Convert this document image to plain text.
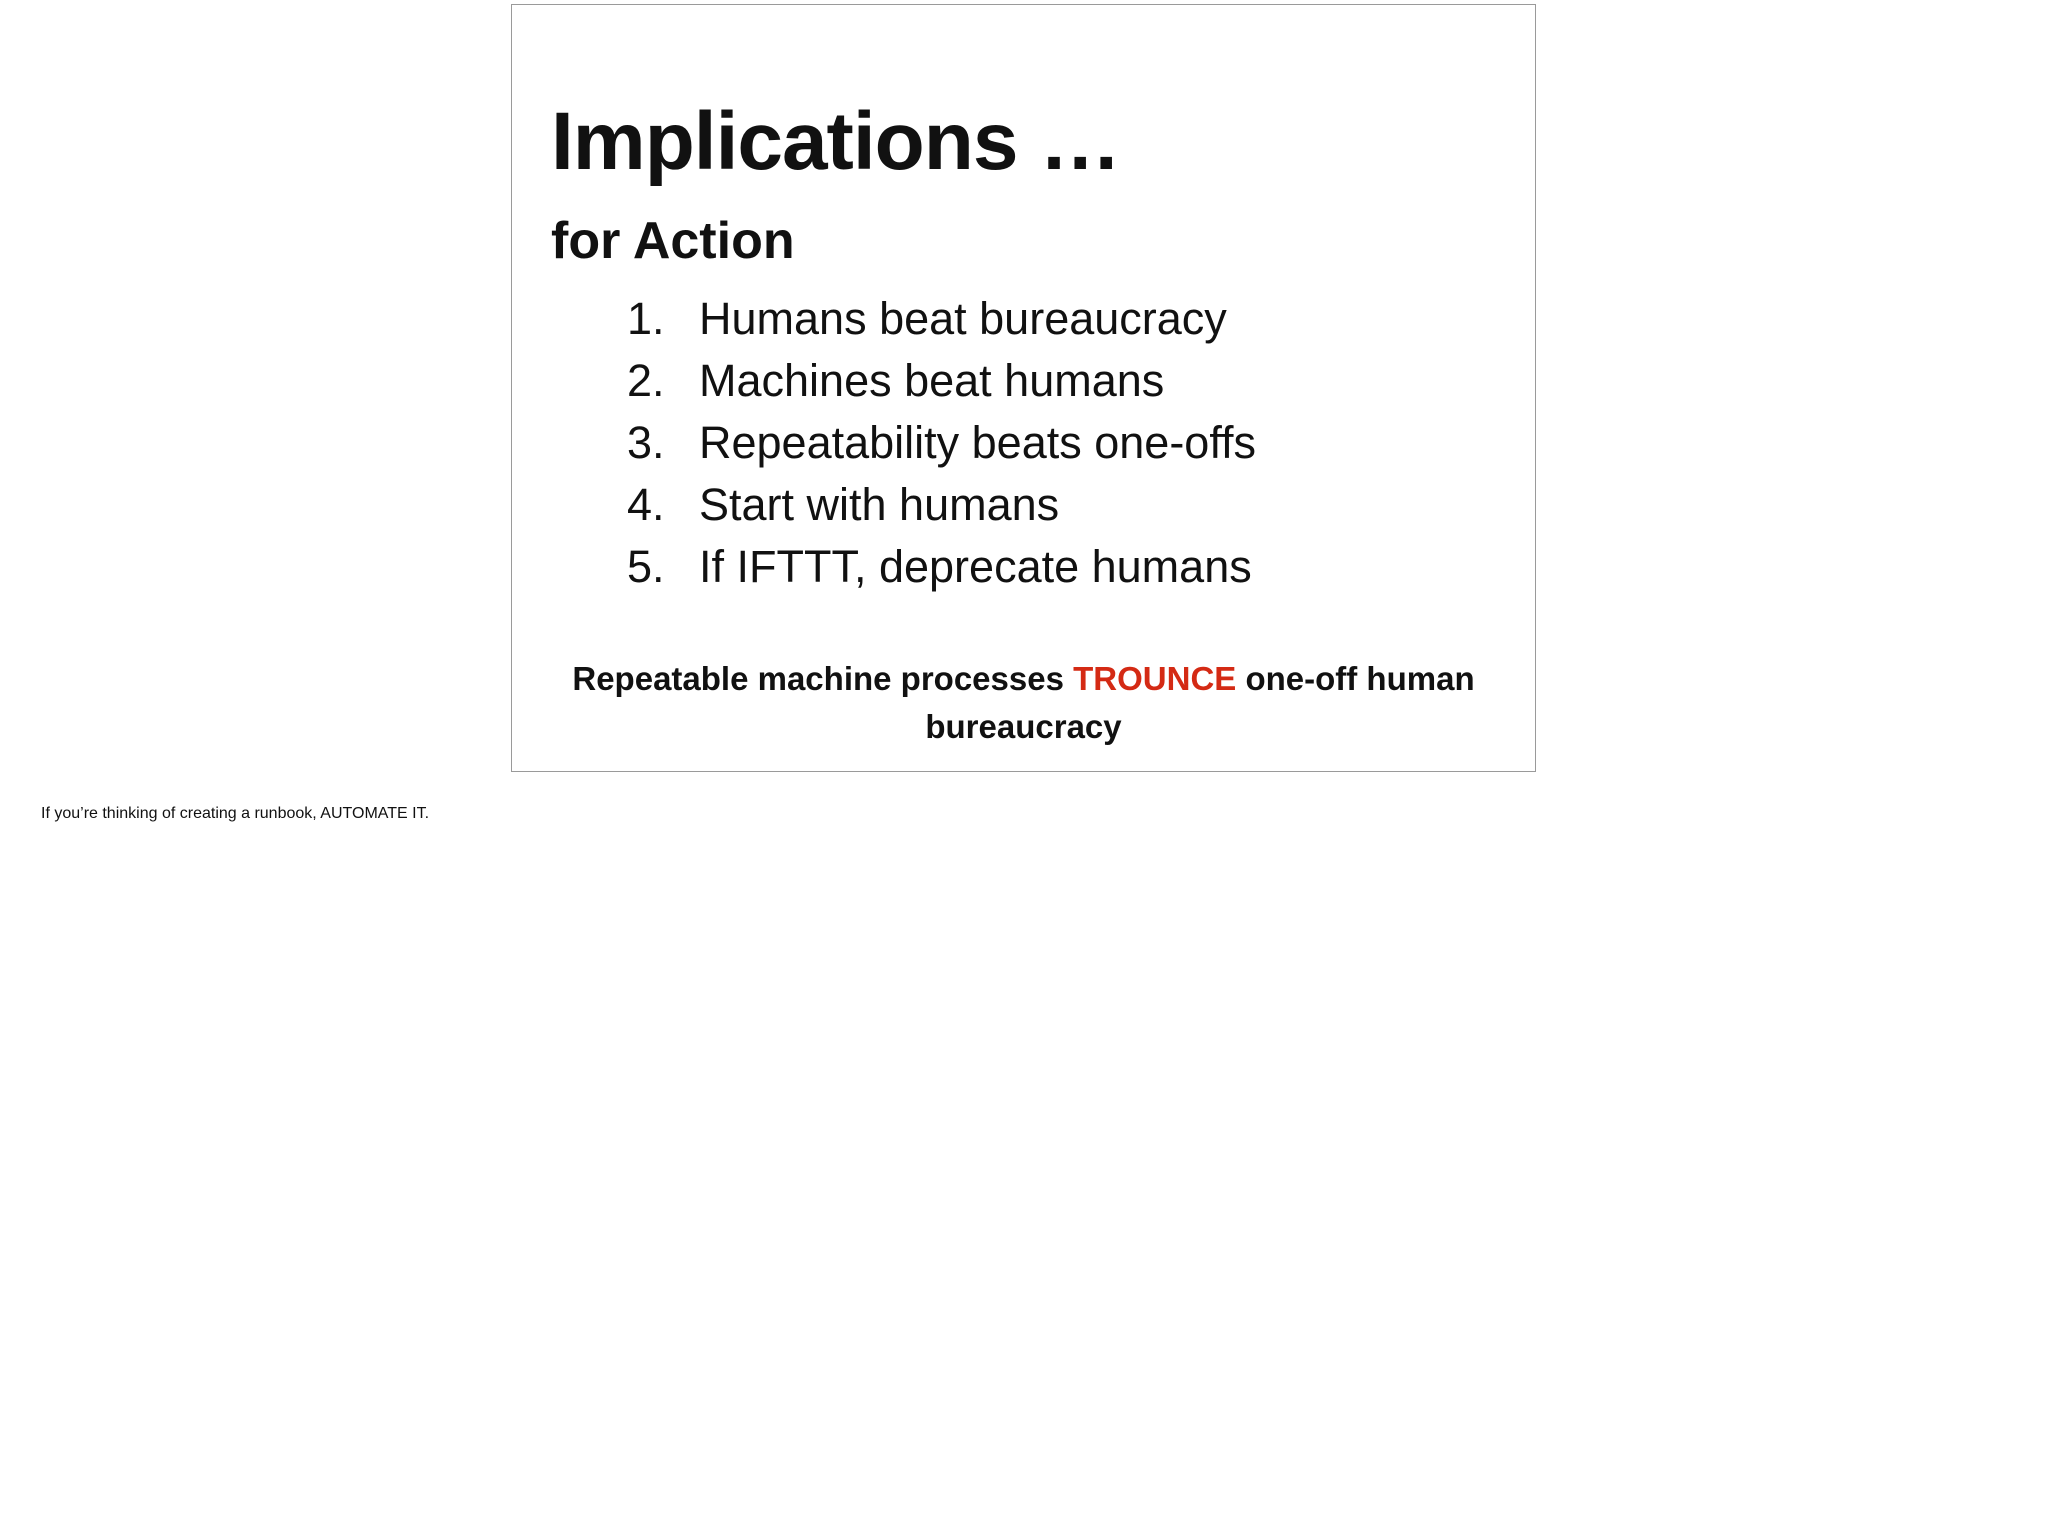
Implications …
for Action
1. Humans beat bureaucracy
2. Machines beat humans
3. Repeatability beats one-offs
4. Start with humans
5. If IFTTT, deprecate humans

Repeatable machine processes TROUNCE one-off human
bureaucracy

If you’re thinking of creating a runbook, AUTOMATE IT.
